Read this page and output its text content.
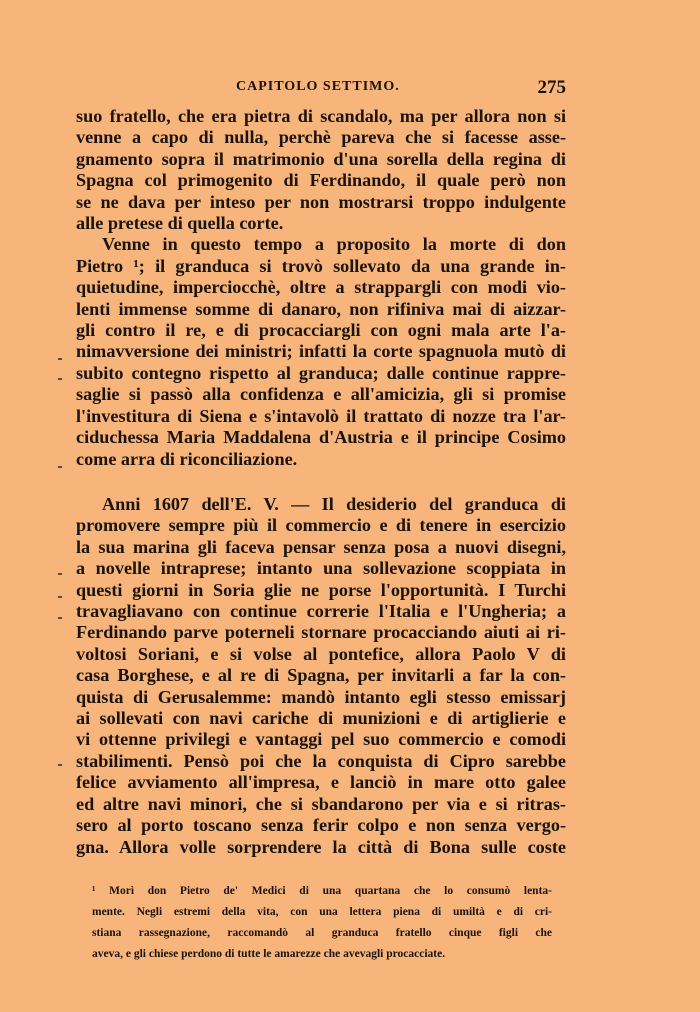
CAPITOLO SETTIMO.	275

suo fratello, che era pietra di scandalo, ma per allora non si
venne a capo di nulla, perchè pareva che si facesse asse-
gnamento sopra il matrimonio d'una sorella della regina di
Spagna col primogenito di Ferdinando, il quale però non
se ne dava per inteso per non mostrarsi troppo indulgente
alle pretese di quella corte.

Venne in questo tempo a proposito la morte di don
Pietro ¹; il granduca si trovò sollevato da una grande in-
quietudine, imperciocchè, oltre a strappargli con modi vio-
lenti immense somme di danaro, non rifiniva mai di aizzar-
gli contro il re, e di procacciargli con ogni mala arte l'a-
nimavversione dei ministri; infatti la corte spagnuola mutò di
subito contegno rispetto al granduca; dalle continue rappre-
saglie si passò alla confidenza e all'amicizia, gli si promise
l'investitura di Siena e s'intavolò il trattato di nozze tra l'ar-
ciduchessa Maria Maddalena d'Austria e il principe Cosimo
come arra di riconciliazione.

Anni 1607 dell'E. V. — Il desiderio del granduca di
promovere sempre più il commercio e di tenere in esercizio
la sua marina gli faceva pensar senza posa a nuovi disegni,
a novelle intraprese; intanto una sollevazione scoppiata in
questi giorni in Soria glie ne porse l'opportunità. I Turchi
travagliavano con continue correrie l'Italia e l'Ungheria; a
Ferdinando parve poterneli stornare procacciando aiuti ai ri-
voltosi Soriani, e si volse al pontefice, allora Paolo V di
casa Borghese, e al re di Spagna, per invitarli a far la con-
quista di Gerusalemme: mandò intanto egli stesso emissarj
ai sollevati con navi cariche di munizioni e di artiglierie e
vi ottenne privilegi e vantaggi pel suo commercio e comodi
stabilimenti. Pensò poi che la conquista di Cipro sarebbe
felice avviamento all'impresa, e lanciò in mare otto galee
ed altre navi minori, che si sbandarono per via e si ritras-
sero al porto toscano senza ferir colpo e non senza vergo-
gna. Allora volle sorprendere la città di Bona sulle coste

¹ Morì don Pietro de' Medici di una quartana che lo consumò lenta-
mente. Negli estremi della vita, con una lettera piena di umiltà e di cri-
stiana rassegnazione, raccomandò al granduca fratello cinque figli che
aveva, e gli chiese perdono di tutte le amarezze che avevagli procacciate.
